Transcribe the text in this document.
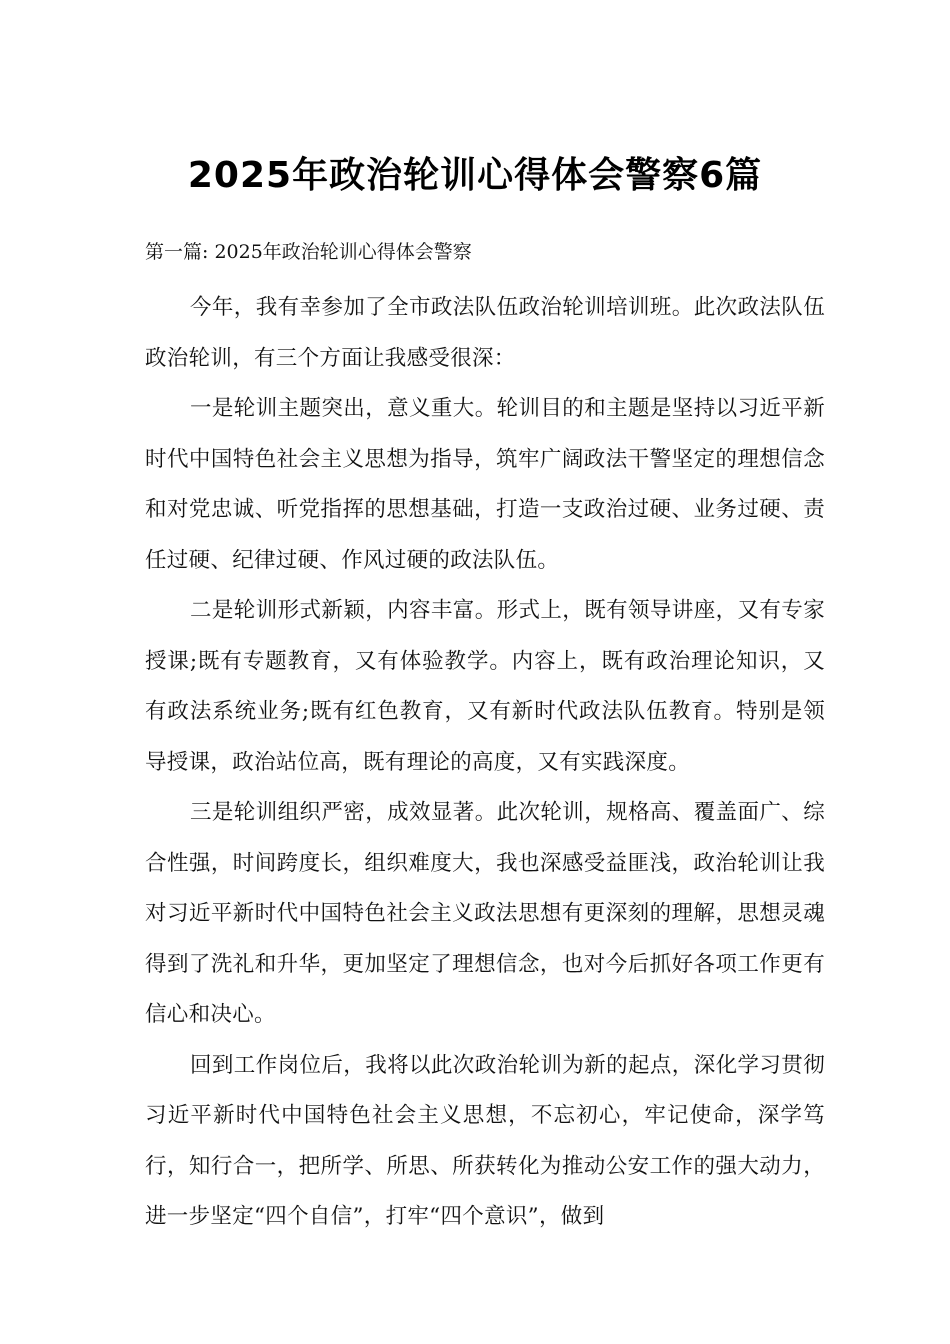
2025年政治轮训心得体会警察6篇
第一篇: 2025年政治轮训心得体会警察

今年，我有幸参加了全市政法队伍政治轮训培训班。此次政法队伍政治轮训，有三个方面让我感受很深：

一是轮训主题突出，意义重大。轮训目的和主题是坚持以习近平新时代中国特色社会主义思想为指导，筑牢广阔政法干警坚定的理想信念和对党忠诚、听党指挥的思想基础，打造一支政治过硬、业务过硬、责任过硬、纪律过硬、作风过硬的政法队伍。

二是轮训形式新颖，内容丰富。形式上，既有领导讲座，又有专家授课;既有专题教育，又有体验教学。内容上，既有政治理论知识，又有政法系统业务;既有红色教育，又有新时代政法队伍教育。特别是领导授课，政治站位高，既有理论的高度，又有实践深度。

三是轮训组织严密，成效显著。此次轮训，规格高、覆盖面广、综合性强，时间跨度长，组织难度大，我也深感受益匪浅，政治轮训让我对习近平新时代中国特色社会主义政法思想有更深刻的理解，思想灵魂得到了洗礼和升华，更加坚定了理想信念，也对今后抓好各项工作更有信心和决心。

回到工作岗位后，我将以此次政治轮训为新的起点，深化学习贯彻习近平新时代中国特色社会主义思想，不忘初心，牢记使命，深学笃行，知行合一，把所学、所思、所获转化为推动公安工作的强大动力，进一步坚定“四个自信”，打牢“四个意识”，做到
